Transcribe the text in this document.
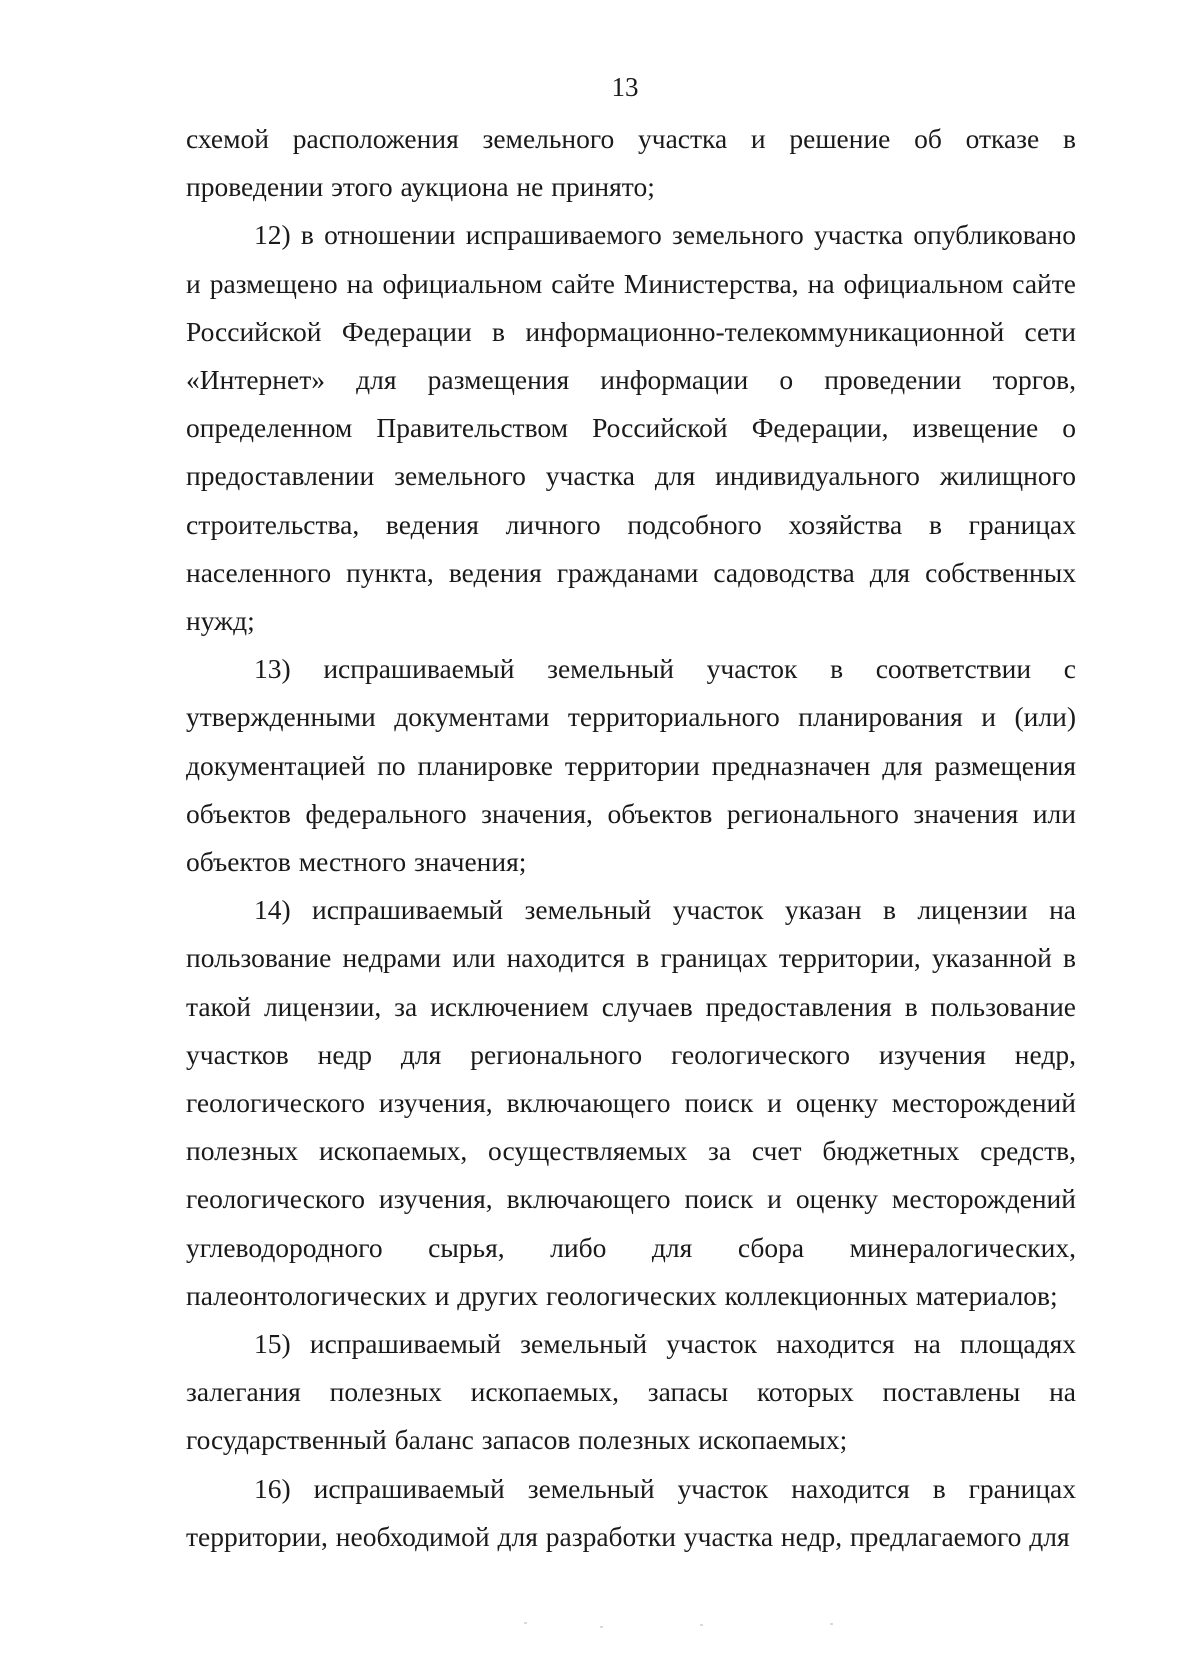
13

схемой расположения земельного участка и решение об отказе в проведении этого аукциона не принято;

12) в отношении испрашиваемого земельного участка опубликовано и размещено на официальном сайте Министерства, на официальном сайте Российской Федерации в информационно-телекоммуникационной сети «Интернет» для размещения информации о проведении торгов, определенном Правительством Российской Федерации, извещение о предоставлении земельного участка для индивидуального жилищного строительства, ведения личного подсобного хозяйства в границах населенного пункта, ведения гражданами садоводства для собственных нужд;

13) испрашиваемый земельный участок в соответствии с утвержденными документами территориального планирования и (или) документацией по планировке территории предназначен для размещения объектов федерального значения, объектов регионального значения или объектов местного значения;

14) испрашиваемый земельный участок указан в лицензии на пользование недрами или находится в границах территории, указанной в такой лицензии, за исключением случаев предоставления в пользование участков недр для регионального геологического изучения недр, геологического изучения, включающего поиск и оценку месторождений полезных ископаемых, осуществляемых за счет бюджетных средств, геологического изучения, включающего поиск и оценку месторождений углеводородного сырья, либо для сбора минералогических, палеонтологических и других геологических коллекционных материалов;

15) испрашиваемый земельный участок находится на площадях залегания полезных ископаемых, запасы которых поставлены на государственный баланс запасов полезных ископаемых;

16) испрашиваемый земельный участок находится в границах территории, необходимой для разработки участка недр, предлагаемого для
